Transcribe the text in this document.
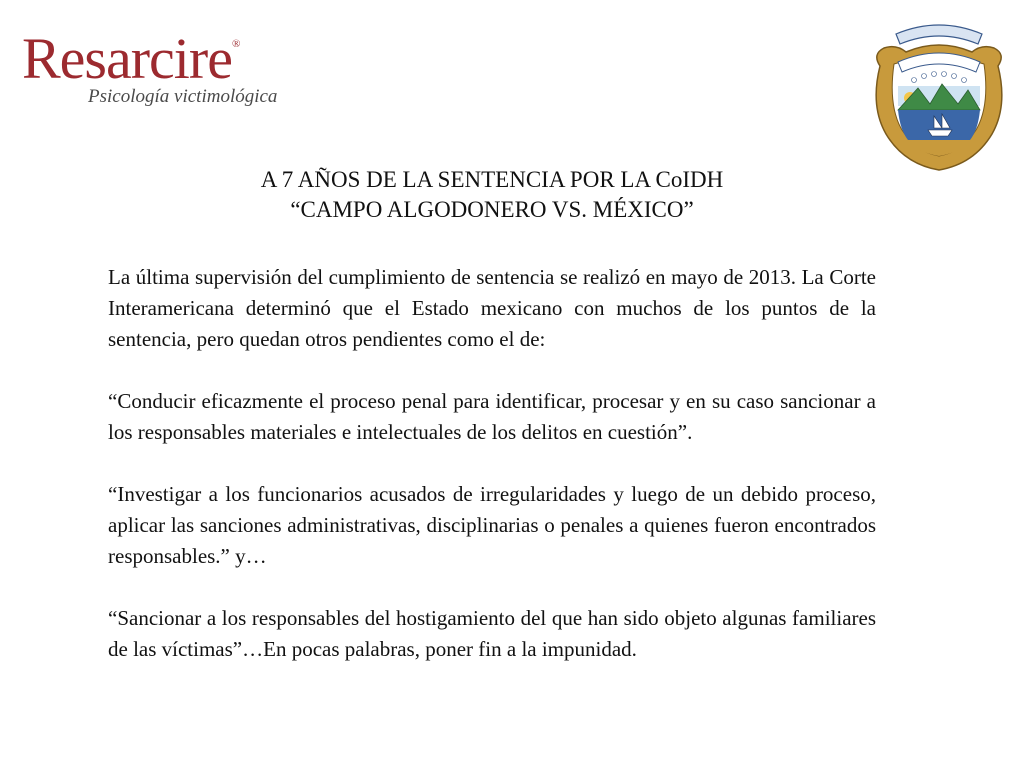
Resarcire ®
Psicología victimológica
A 7 AÑOS DE LA SENTENCIA POR LA CoIDH
“CAMPO ALGODONERO VS. MÉXICO”

La última supervisión del cumplimiento de sentencia se realizó en mayo de 2013. La Corte Interamericana determinó que el Estado mexicano con muchos de los puntos de la sentencia, pero quedan otros pendientes como el de:

“Conducir eficazmente el proceso penal para identificar, procesar y en su caso sancionar a los responsables materiales e intelectuales de los delitos en cuestión”.

“Investigar a los funcionarios acusados de irregularidades y luego de un debido proceso, aplicar las sanciones administrativas, disciplinarias o penales a quienes fueron encontrados responsables.” y…

“Sancionar a los responsables del hostigamiento del que han sido objeto algunas familiares de las víctimas”…En pocas palabras, poner fin a la impunidad.
